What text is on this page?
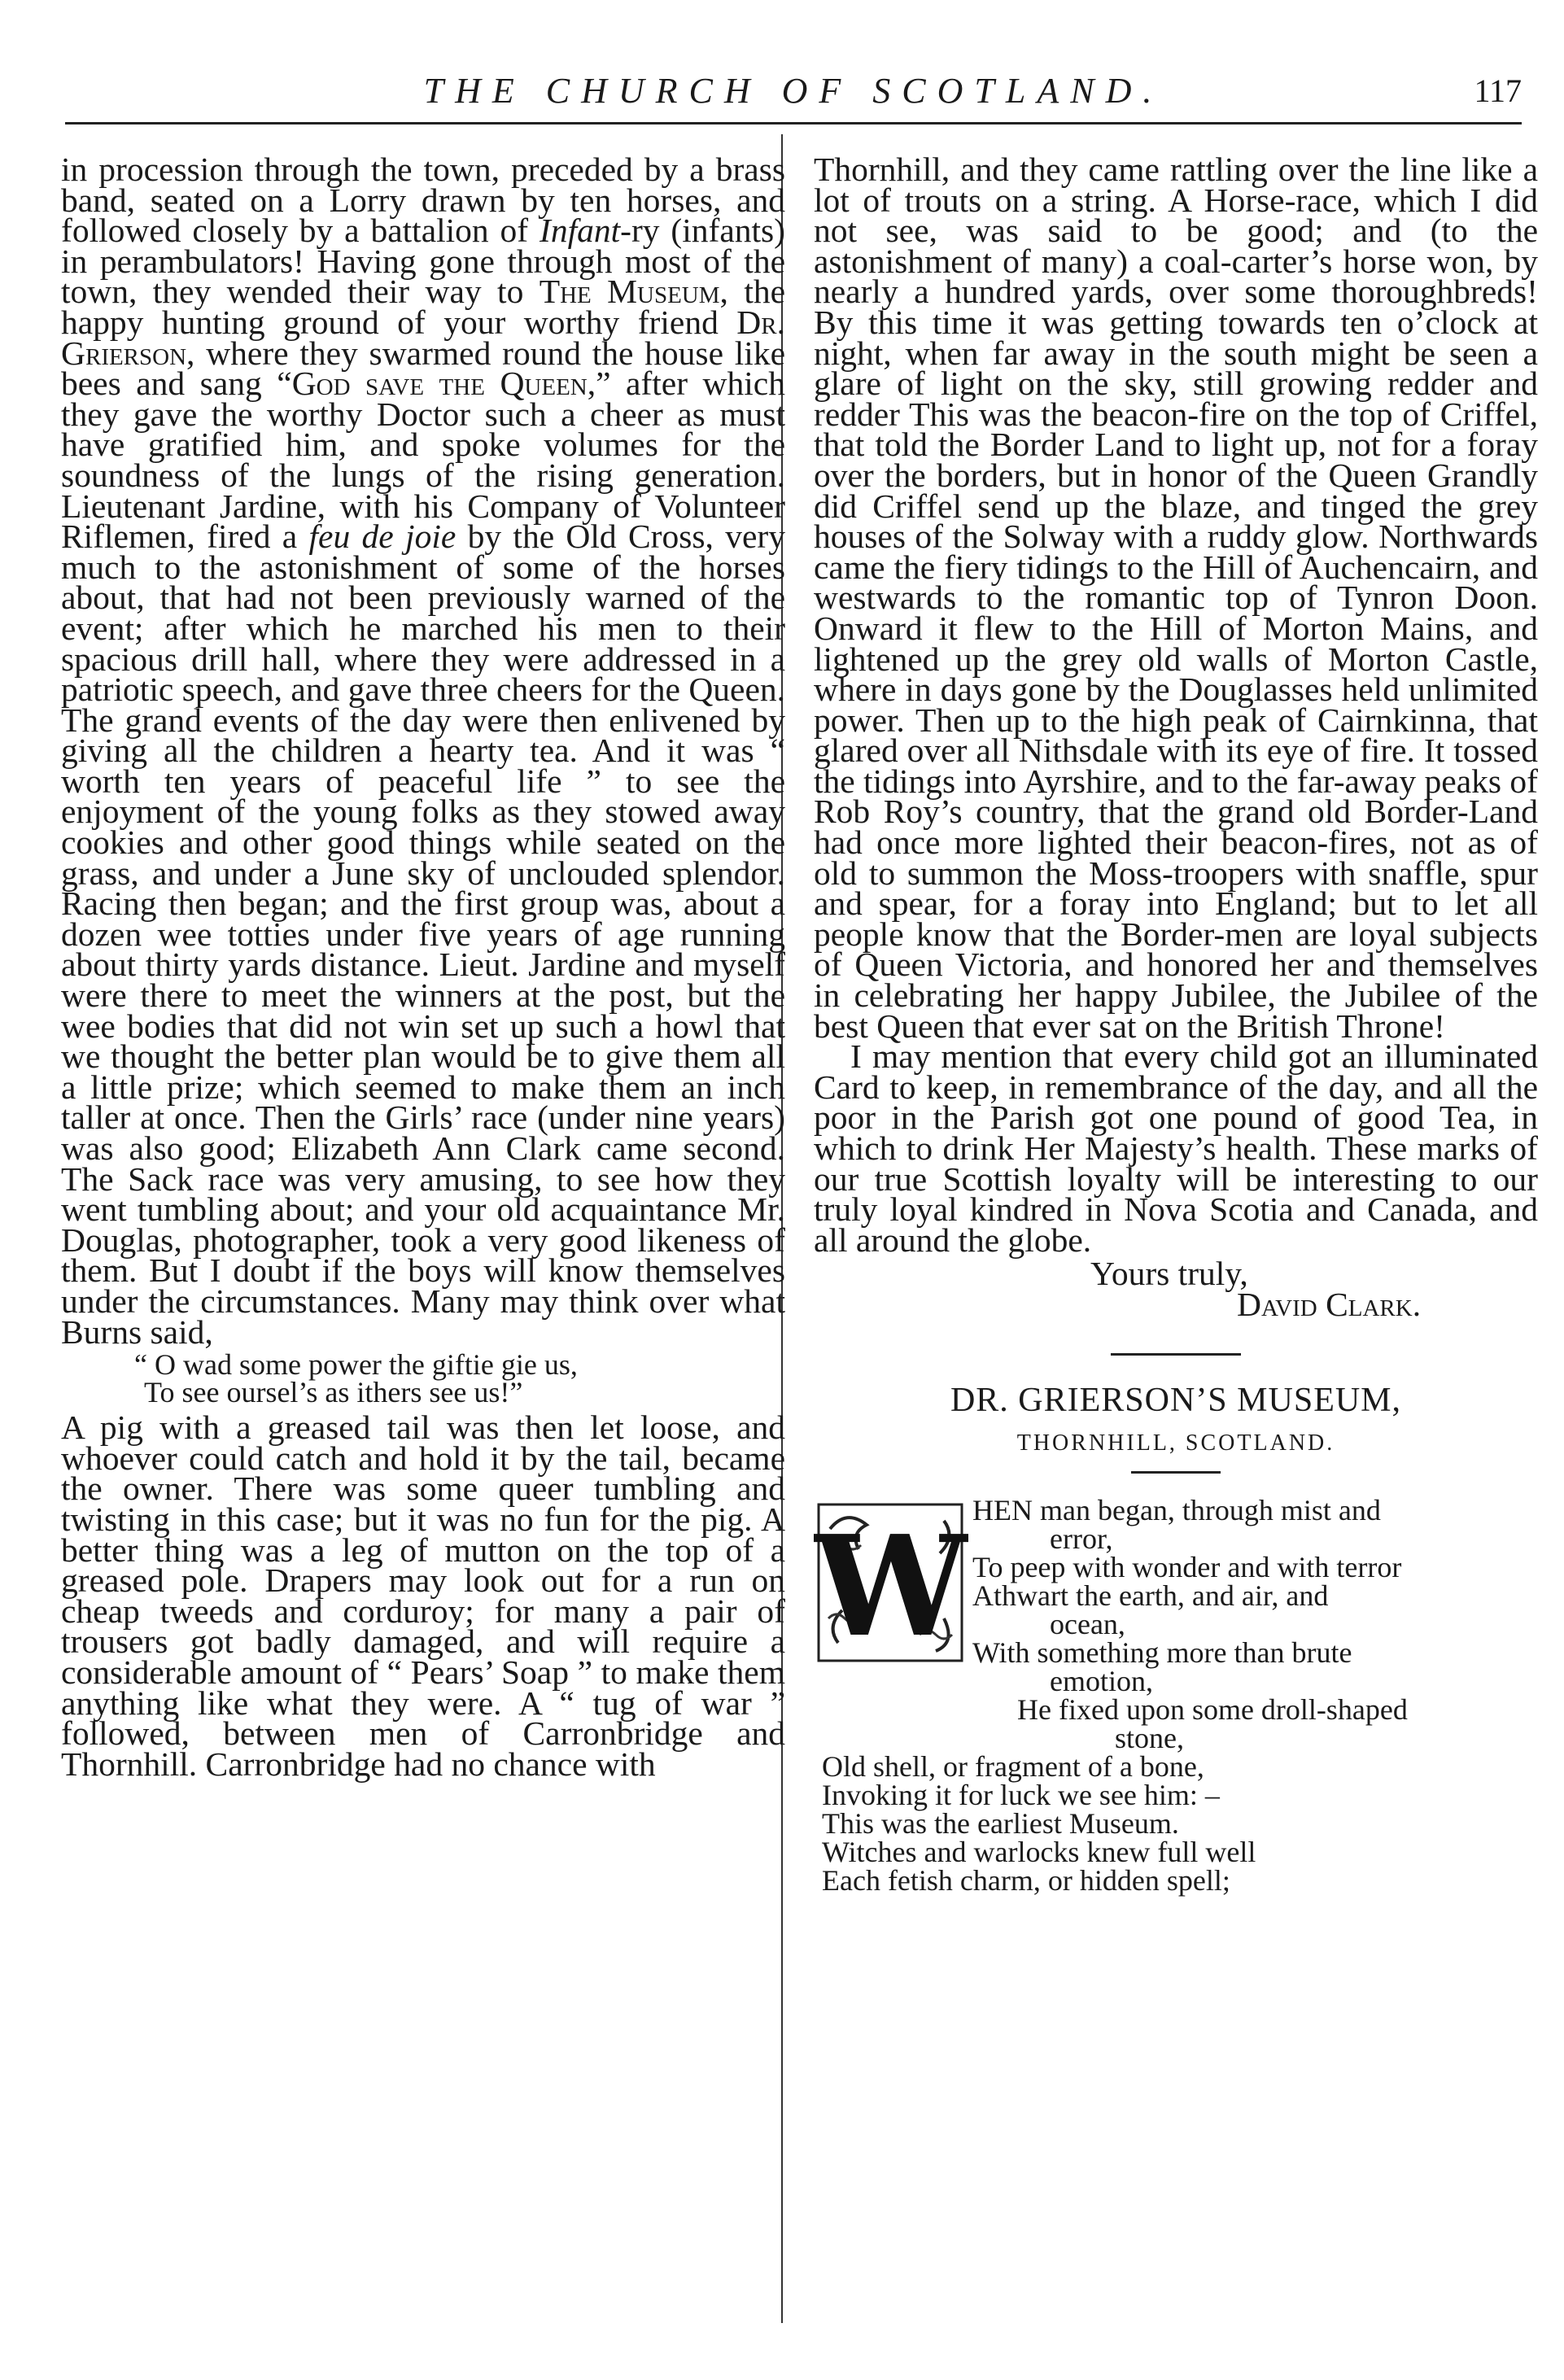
THE CHURCH OF SCOTLAND.	117

in procession through the town, preceded by a brass band, seated on a Lorry drawn by ten horses, and followed closely by a battalion of Infant-ry (infants) in perambulators! Having gone through most of the town, they wended their way to The Museum, the happy hunting ground of your worthy friend Dr. Grierson, where they swarmed round the house like bees and sang “God save the Queen,” after which they gave the worthy Doctor such a cheer as must have gratified him, and spoke volumes for the soundness of the lungs of the rising generation. Lieutenant Jardine, with his Company of Volunteer Riflemen, fired a feu de joie by the Old Cross, very much to the astonishment of some of the horses about, that had not been previously warned of the event; after which he marched his men to their spacious drill hall, where they were addressed in a patriotic speech, and gave three cheers for the Queen. The grand events of the day were then enlivened by giving all the children a hearty tea. And it was “ worth ten years of peaceful life ” to see the enjoyment of the young folks as they stowed away cookies and other good things while seated on the grass, and under a June sky of unclouded splendor. Racing then began; and the first group was, about a dozen wee totties under five years of age running about thirty yards distance. Lieut. Jardine and myself were there to meet the winners at the post, but the wee bodies that did not win set up such a howl that we thought the better plan would be to give them all a little prize; which seemed to make them an inch taller at once. Then the Girls’ race (under nine years) was also good; Elizabeth Ann Clark came second. The Sack race was very amusing, to see how they went tumbling about; and your old acquaintance Mr. Douglas, photographer, took a very good likeness of them. But I doubt if the boys will know themselves under the circumstances. Many may think over what Burns said,

“ O wad some power the giftie gie us,
To see oursel’s as ithers see us!”

A pig with a greased tail was then let loose, and whoever could catch and hold it by the tail, became the owner. There was some queer tumbling and twisting in this case; but it was no fun for the pig. A better thing was a leg of mutton on the top of a greased pole. Drapers may look out for a run on cheap tweeds and corduroy; for many a pair of trousers got badly damaged, and will require a considerable amount of “ Pears’ Soap ” to make them anything like what they were. A “ tug of war ” followed, between men of Carronbridge and Thornhill. Carronbridge had no chance with

Thornhill, and they came rattling over the line like a lot of trouts on a string. A Horse-race, which I did not see, was said to be good; and (to the astonishment of many) a coal-carter’s horse won, by nearly a hundred yards, over some thoroughbreds! By this time it was getting towards ten o’clock at night, when far away in the south might be seen a glare of light on the sky, still growing redder and redder This was the beacon-fire on the top of Criffel, that told the Border Land to light up, not for a foray over the borders, but in honor of the Queen Grandly did Criffel send up the blaze, and tinged the grey houses of the Solway with a ruddy glow. Northwards came the fiery tidings to the Hill of Auchencairn, and westwards to the romantic top of Tynron Doon. Onward it flew to the Hill of Morton Mains, and lightened up the grey old walls of Morton Castle, where in days gone by the Douglasses held unlimited power. Then up to the high peak of Cairnkinna, that glared over all Nithsdale with its eye of fire. It tossed the tidings into Ayrshire, and to the far-away peaks of Rob Roy’s country, that the grand old Border-Land had once more lighted their beacon-fires, not as of old to summon the Moss-troopers with snaffle, spur and spear, for a foray into England; but to let all people know that the Border-men are loyal subjects of Queen Victoria, and honored her and themselves in celebrating her happy Jubilee, the Jubilee of the best Queen that ever sat on the British Throne!

I may mention that every child got an illuminated Card to keep, in remembrance of the day, and all the poor in the Parish got one pound of good Tea, in which to drink Her Majesty’s health. These marks of our true Scottish loyalty will be interesting to our truly loyal kindred in Nova Scotia and Canada, and all around the globe.

Yours truly,
David Clark.

DR. GRIERSON’S MUSEUM,
THORNHILL, SCOTLAND.
W HEN man began, through mist and
error,
To peep with wonder and with terror
Athwart the earth, and air, and
ocean,
With something more than brute
emotion,
He fixed upon some droll-shaped
stone,
Old shell, or fragment of a bone,
Invoking it for luck we see him: –
This was the earliest Museum.
Witches and warlocks knew full well
Each fetish charm, or hidden spell;
